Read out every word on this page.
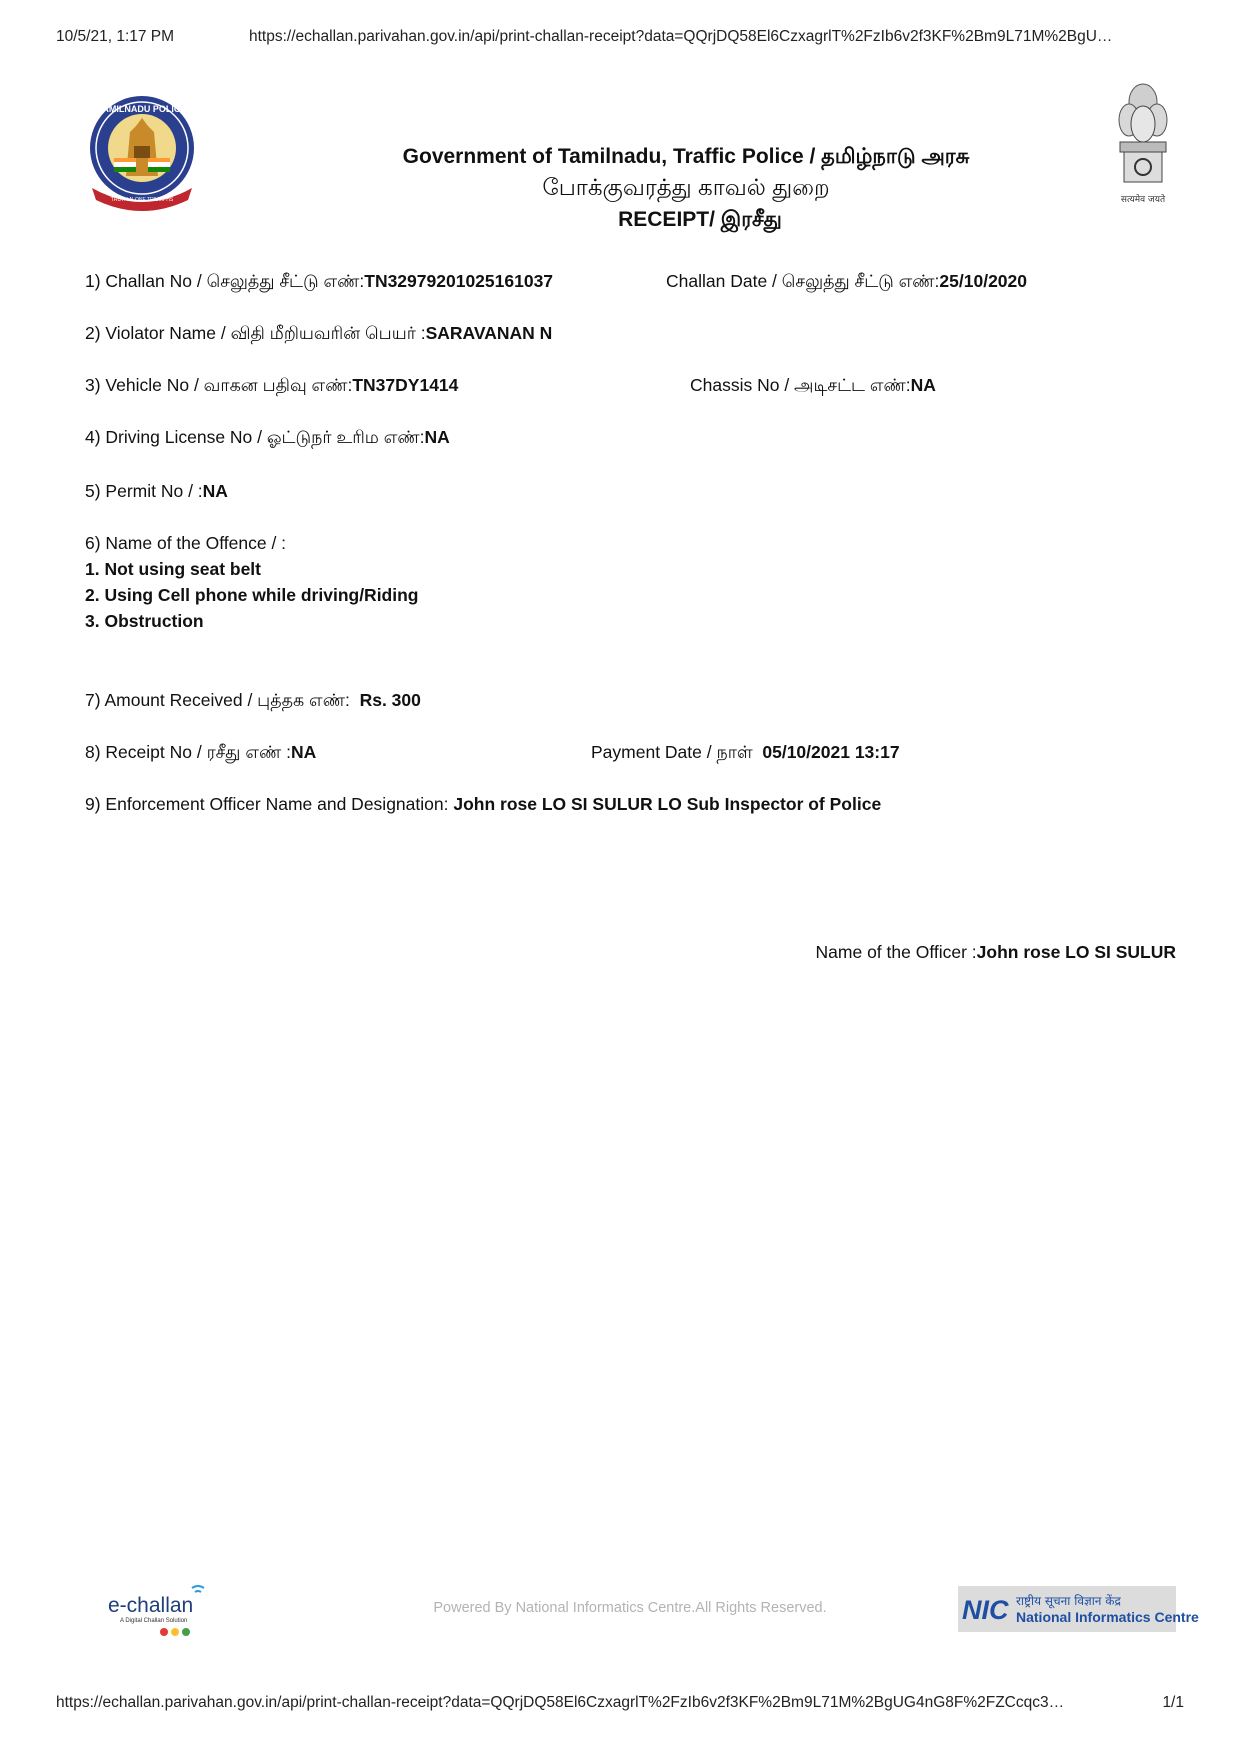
10/5/21, 1:17 PM	https://echallan.parivahan.gov.in/api/print-challan-receipt?data=QQrjDQ58El6CzxagrlT%2FzIb6v2f3KF%2Bm9L71M%2BgU…
TAMILNADU POLICE
TRUTH ALONE TRIUMPHS	सत्यमेव जयते
Government of Tamilnadu, Traffic Police / தமிழ்நாடு அரசு
போக்குவரத்து காவல் துறை
RECEIPT/ இரசீது
1) Challan No / செலுத்து சீட்டு எண்:TN32979201025161037	Challan Date / செலுத்து சீட்டு எண்:25/10/2020
2) Violator Name / விதி மீறியவரின் பெயர் :SARAVANAN N
3) Vehicle No / வாகன பதிவு எண்:TN37DY1414	Chassis No / அடிசட்ட எண்:NA
4) Driving License No / ஓட்டுநர் உரிம எண்:NA
5) Permit No / :NA
6) Name of the Offence / :
1. Not using seat belt
2. Using Cell phone while driving/Riding
3. Obstruction
7) Amount Received / புத்தக எண்: Rs. 300
8) Receipt No / ரசீது எண் :NA	Payment Date / நாள் 05/10/2021 13:17
9) Enforcement Officer Name and Designation: John rose LO SI SULUR LO Sub Inspector of Police
Name of the Officer :John rose LO SI SULUR
e-challan
A Digital Challan Solution
Powered By National Informatics Centre.All Rights Reserved.	NIC राष्ट्रीय सूचना विज्ञान केंद्र
National Informatics Centre
https://echallan.parivahan.gov.in/api/print-challan-receipt?data=QQrjDQ58El6CzxagrlT%2FzIb6v2f3KF%2Bm9L71M%2BgUG4nG8F%2FZCcqc3…	1/1
